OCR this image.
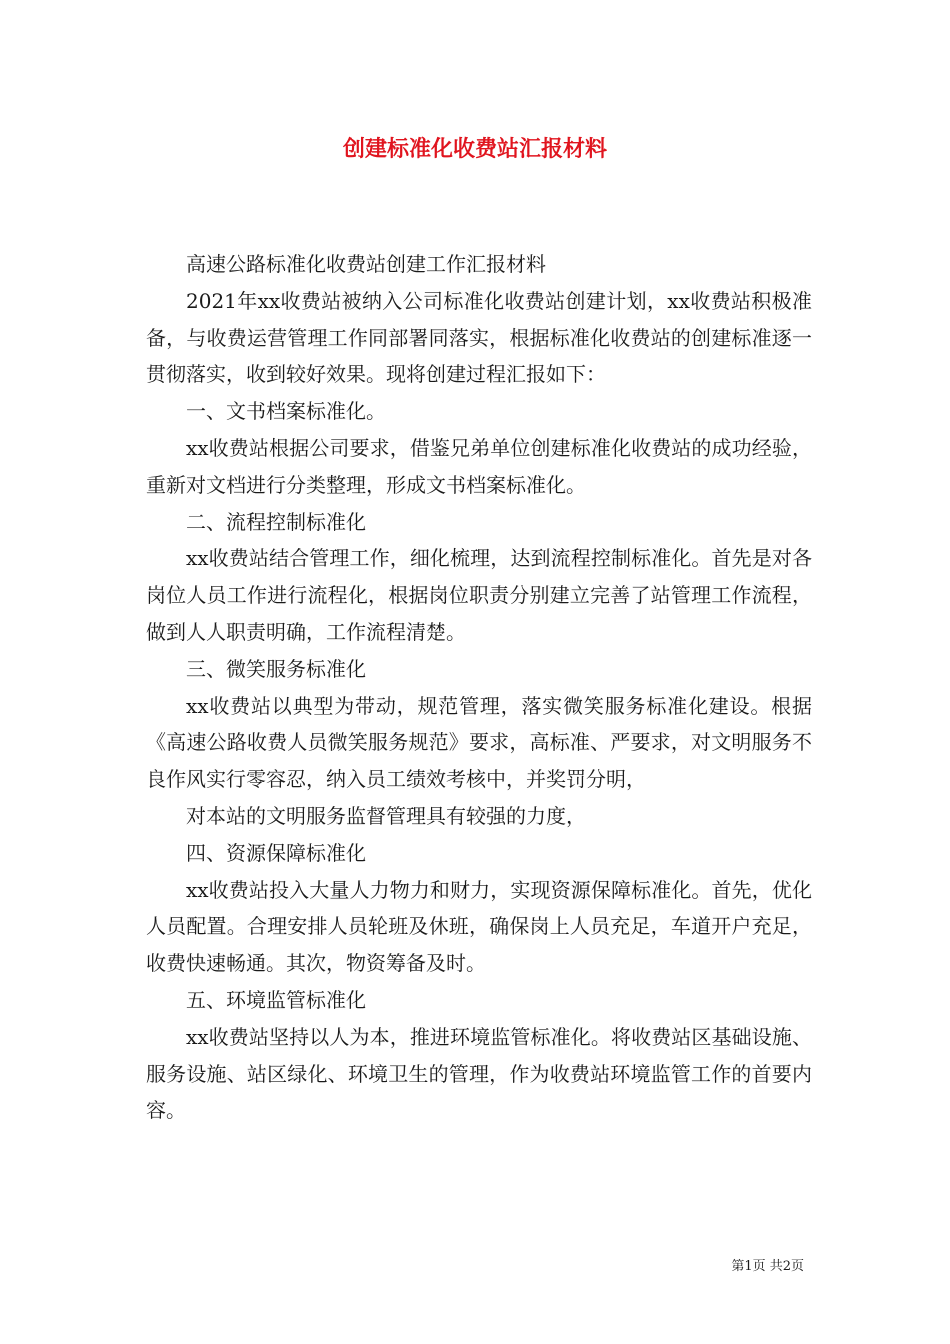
创建标准化收费站汇报材料

高速公路标准化收费站创建工作汇报材料

2021年xx收费站被纳入公司标准化收费站创建计划，xx收费站积极准备，与收费运营管理工作同部署同落实，根据标准化收费站的创建标准逐一贯彻落实，收到较好效果。现将创建过程汇报如下：

一、文书档案标准化。

xx收费站根据公司要求，借鉴兄弟单位创建标准化收费站的成功经验，重新对文档进行分类整理，形成文书档案标准化。

二、流程控制标准化

xx收费站结合管理工作，细化梳理，达到流程控制标准化。首先是对各岗位人员工作进行流程化，根据岗位职责分别建立完善了站管理工作流程，做到人人职责明确，工作流程清楚。

三、微笑服务标准化

xx收费站以典型为带动，规范管理，落实微笑服务标准化建设。根据《高速公路收费人员微笑服务规范》要求，高标准、严要求，对文明服务不良作风实行零容忍，纳入员工绩效考核中，并奖罚分明，

对本站的文明服务监督管理具有较强的力度，

四、资源保障标准化

xx收费站投入大量人力物力和财力，实现资源保障标准化。首先，优化人员配置。合理安排人员轮班及休班，确保岗上人员充足，车道开户充足，收费快速畅通。其次，物资筹备及时。

五、环境监管标准化

xx收费站坚持以人为本，推进环境监管标准化。将收费站区基础设施、服务设施、站区绿化、环境卫生的管理，作为收费站环境监管工作的首要内容。

第1页 共2页
